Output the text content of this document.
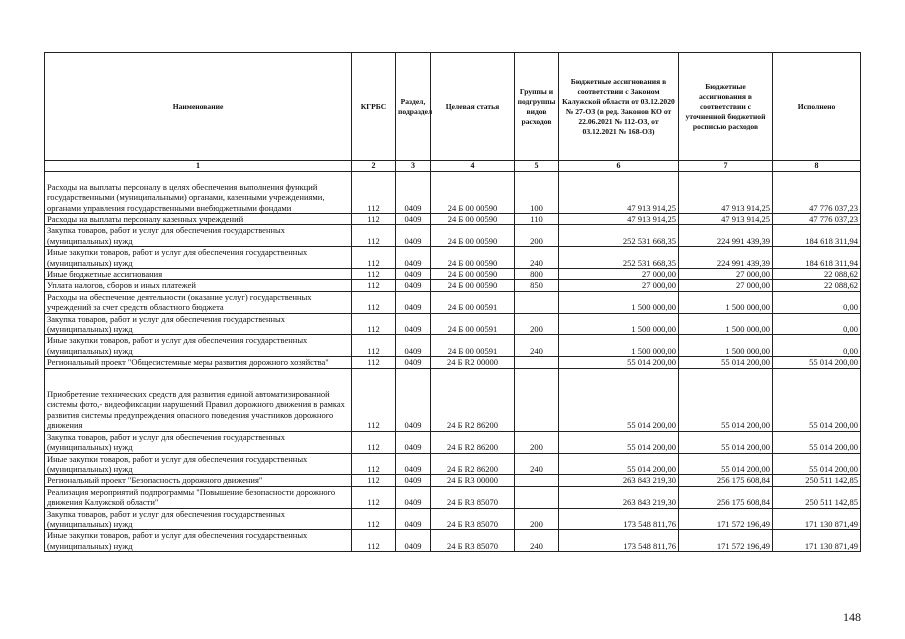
Наименование	КГРБС	Раздел, подраздел	Целевая статья	Группы и подгруппы видов расходов	Бюджетные ассигнования в соответствии с Законом Калужской области от 03.12.2020 № 27-ОЗ (в ред. Законов КО от 22.06.2021 № 112-ОЗ, от 03.12.2021 № 168-ОЗ)	Бюджетные ассигнования в соответствии с уточненной бюджетной росписью расходов	Исполнено
1	2	3	4	5	6	7	8
Расходы на выплаты персоналу в целях обеспечения выполнения функций государственными (муниципальными) органами, казенными учреждениями, органами управления государственными внебюджетными фондами	112	0409	24 Б 00 00590	100	47 913 914,25	47 913 914,25	47 776 037,23
Расходы на выплаты персоналу казенных учреждений	112	0409	24 Б 00 00590	110	47 913 914,25	47 913 914,25	47 776 037,23
Закупка товаров, работ и услуг для обеспечения государственных (муниципальных) нужд	112	0409	24 Б 00 00590	200	252 531 668,35	224 991 439,39	184 618 311,94
Иные закупки товаров, работ и услуг для обеспечения государственных (муниципальных) нужд	112	0409	24 Б 00 00590	240	252 531 668,35	224 991 439,39	184 618 311,94
Иные бюджетные ассигнования	112	0409	24 Б 00 00590	800	27 000,00	27 000,00	22 088,62
Уплата налогов, сборов и иных платежей	112	0409	24 Б 00 00590	850	27 000,00	27 000,00	22 088,62
Расходы на обеспечение деятельности (оказание услуг) государственных учреждений за счет средств областного бюджета	112	0409	24 Б 00 00591		1 500 000,00	1 500 000,00	0,00
Закупка товаров, работ и услуг для обеспечения государственных (муниципальных) нужд	112	0409	24 Б 00 00591	200	1 500 000,00	1 500 000,00	0,00
Иные закупки товаров, работ и услуг для обеспечения государственных (муниципальных) нужд	112	0409	24 Б 00 00591	240	1 500 000,00	1 500 000,00	0,00
Региональный проект "Общесистемные меры развития дорожного хозяйства"	112	0409	24 Б R2 00000		55 014 200,00	55 014 200,00	55 014 200,00
Приобретение технических средств для развития единой автоматизированной системы фото,- видеофиксации нарушений Правил дорожного движения в рамках развития системы предупреждения опасного поведения участников дорожного движения	112	0409	24 Б R2 86200		55 014 200,00	55 014 200,00	55 014 200,00
Закупка товаров, работ и услуг для обеспечения государственных (муниципальных) нужд	112	0409	24 Б R2 86200	200	55 014 200,00	55 014 200,00	55 014 200,00
Иные закупки товаров, работ и услуг для обеспечения государственных (муниципальных) нужд	112	0409	24 Б R2 86200	240	55 014 200,00	55 014 200,00	55 014 200,00
Региональный проект "Безопасность дорожного движения"	112	0409	24 Б R3 00000		263 843 219,30	256 175 608,84	250 511 142,85
Реализация мероприятий подпрограммы "Повышение безопасности дорожного движения Калужской области"	112	0409	24 Б R3 85070		263 843 219,30	256 175 608,84	250 511 142,85
Закупка товаров, работ и услуг для обеспечения государственных (муниципальных) нужд	112	0409	24 Б R3 85070	200	173 548 811,76	171 572 196,49	171 130 871,49
Иные закупки товаров, работ и услуг для обеспечения государственных (муниципальных) нужд	112	0409	24 Б R3 85070	240	173 548 811,76	171 572 196,49	171 130 871,49
148
